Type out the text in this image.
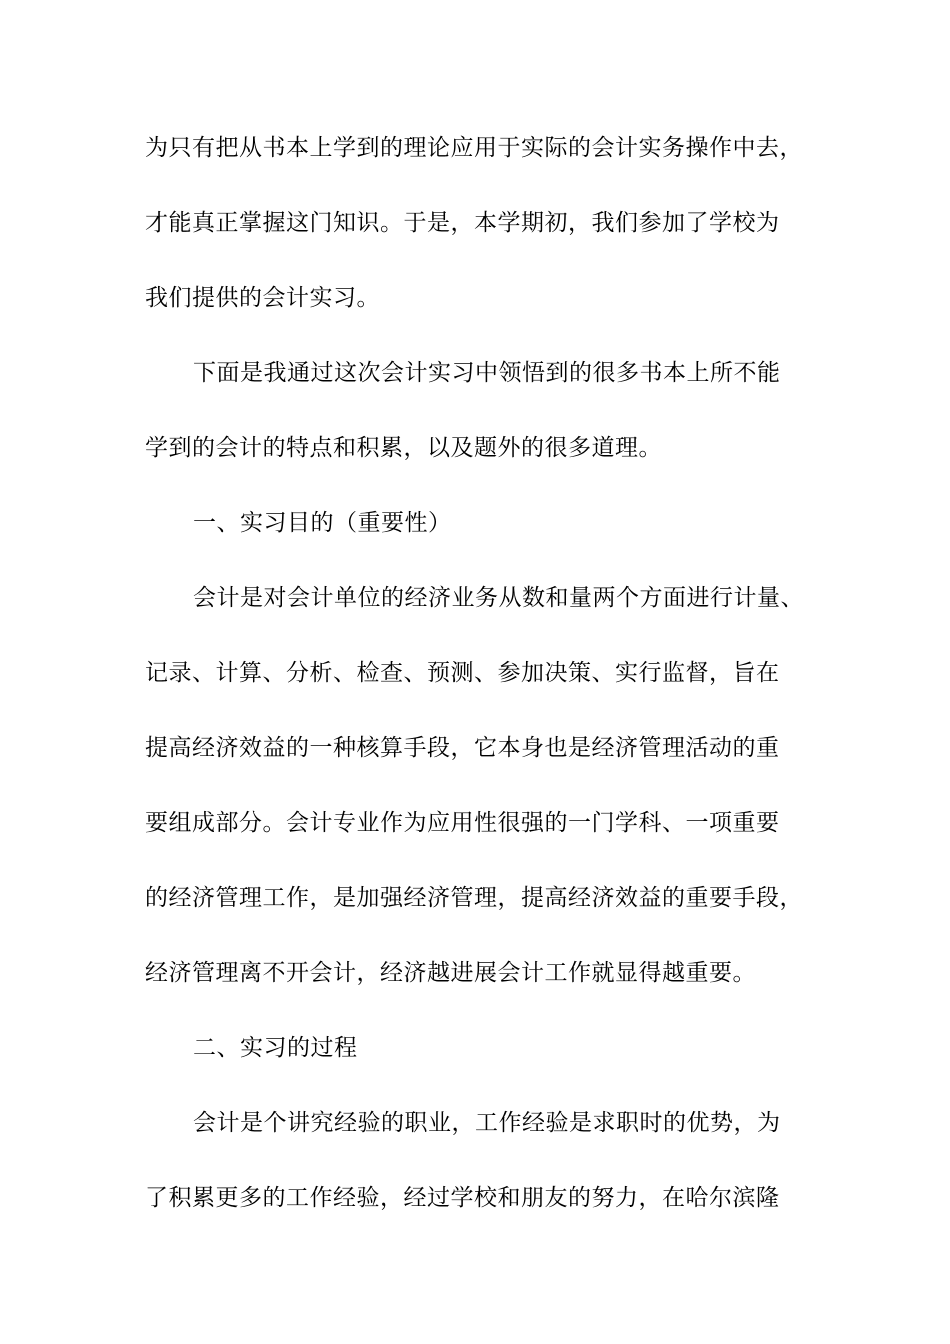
为只有把从书本上学到的理论应用于实际的会计实务操作中去，
才能真正掌握这门知识。于是，本学期初，我们参加了学校为
我们提供的会计实习。
下面是我通过这次会计实习中领悟到的很多书本上所不能
学到的会计的特点和积累，以及题外的很多道理。
一、实习目的（重要性）
会计是对会计单位的经济业务从数和量两个方面进行计量、
记录、计算、分析、检查、预测、参加决策、实行监督，旨在
提高经济效益的一种核算手段，它本身也是经济管理活动的重
要组成部分。会计专业作为应用性很强的一门学科、一项重要
的经济管理工作，是加强经济管理，提高经济效益的重要手段，
经济管理离不开会计，经济越进展会计工作就显得越重要。
二、实习的过程
会计是个讲究经验的职业，工作经验是求职时的优势，为
了积累更多的工作经验，经过学校和朋友的努力，在哈尔滨隆
